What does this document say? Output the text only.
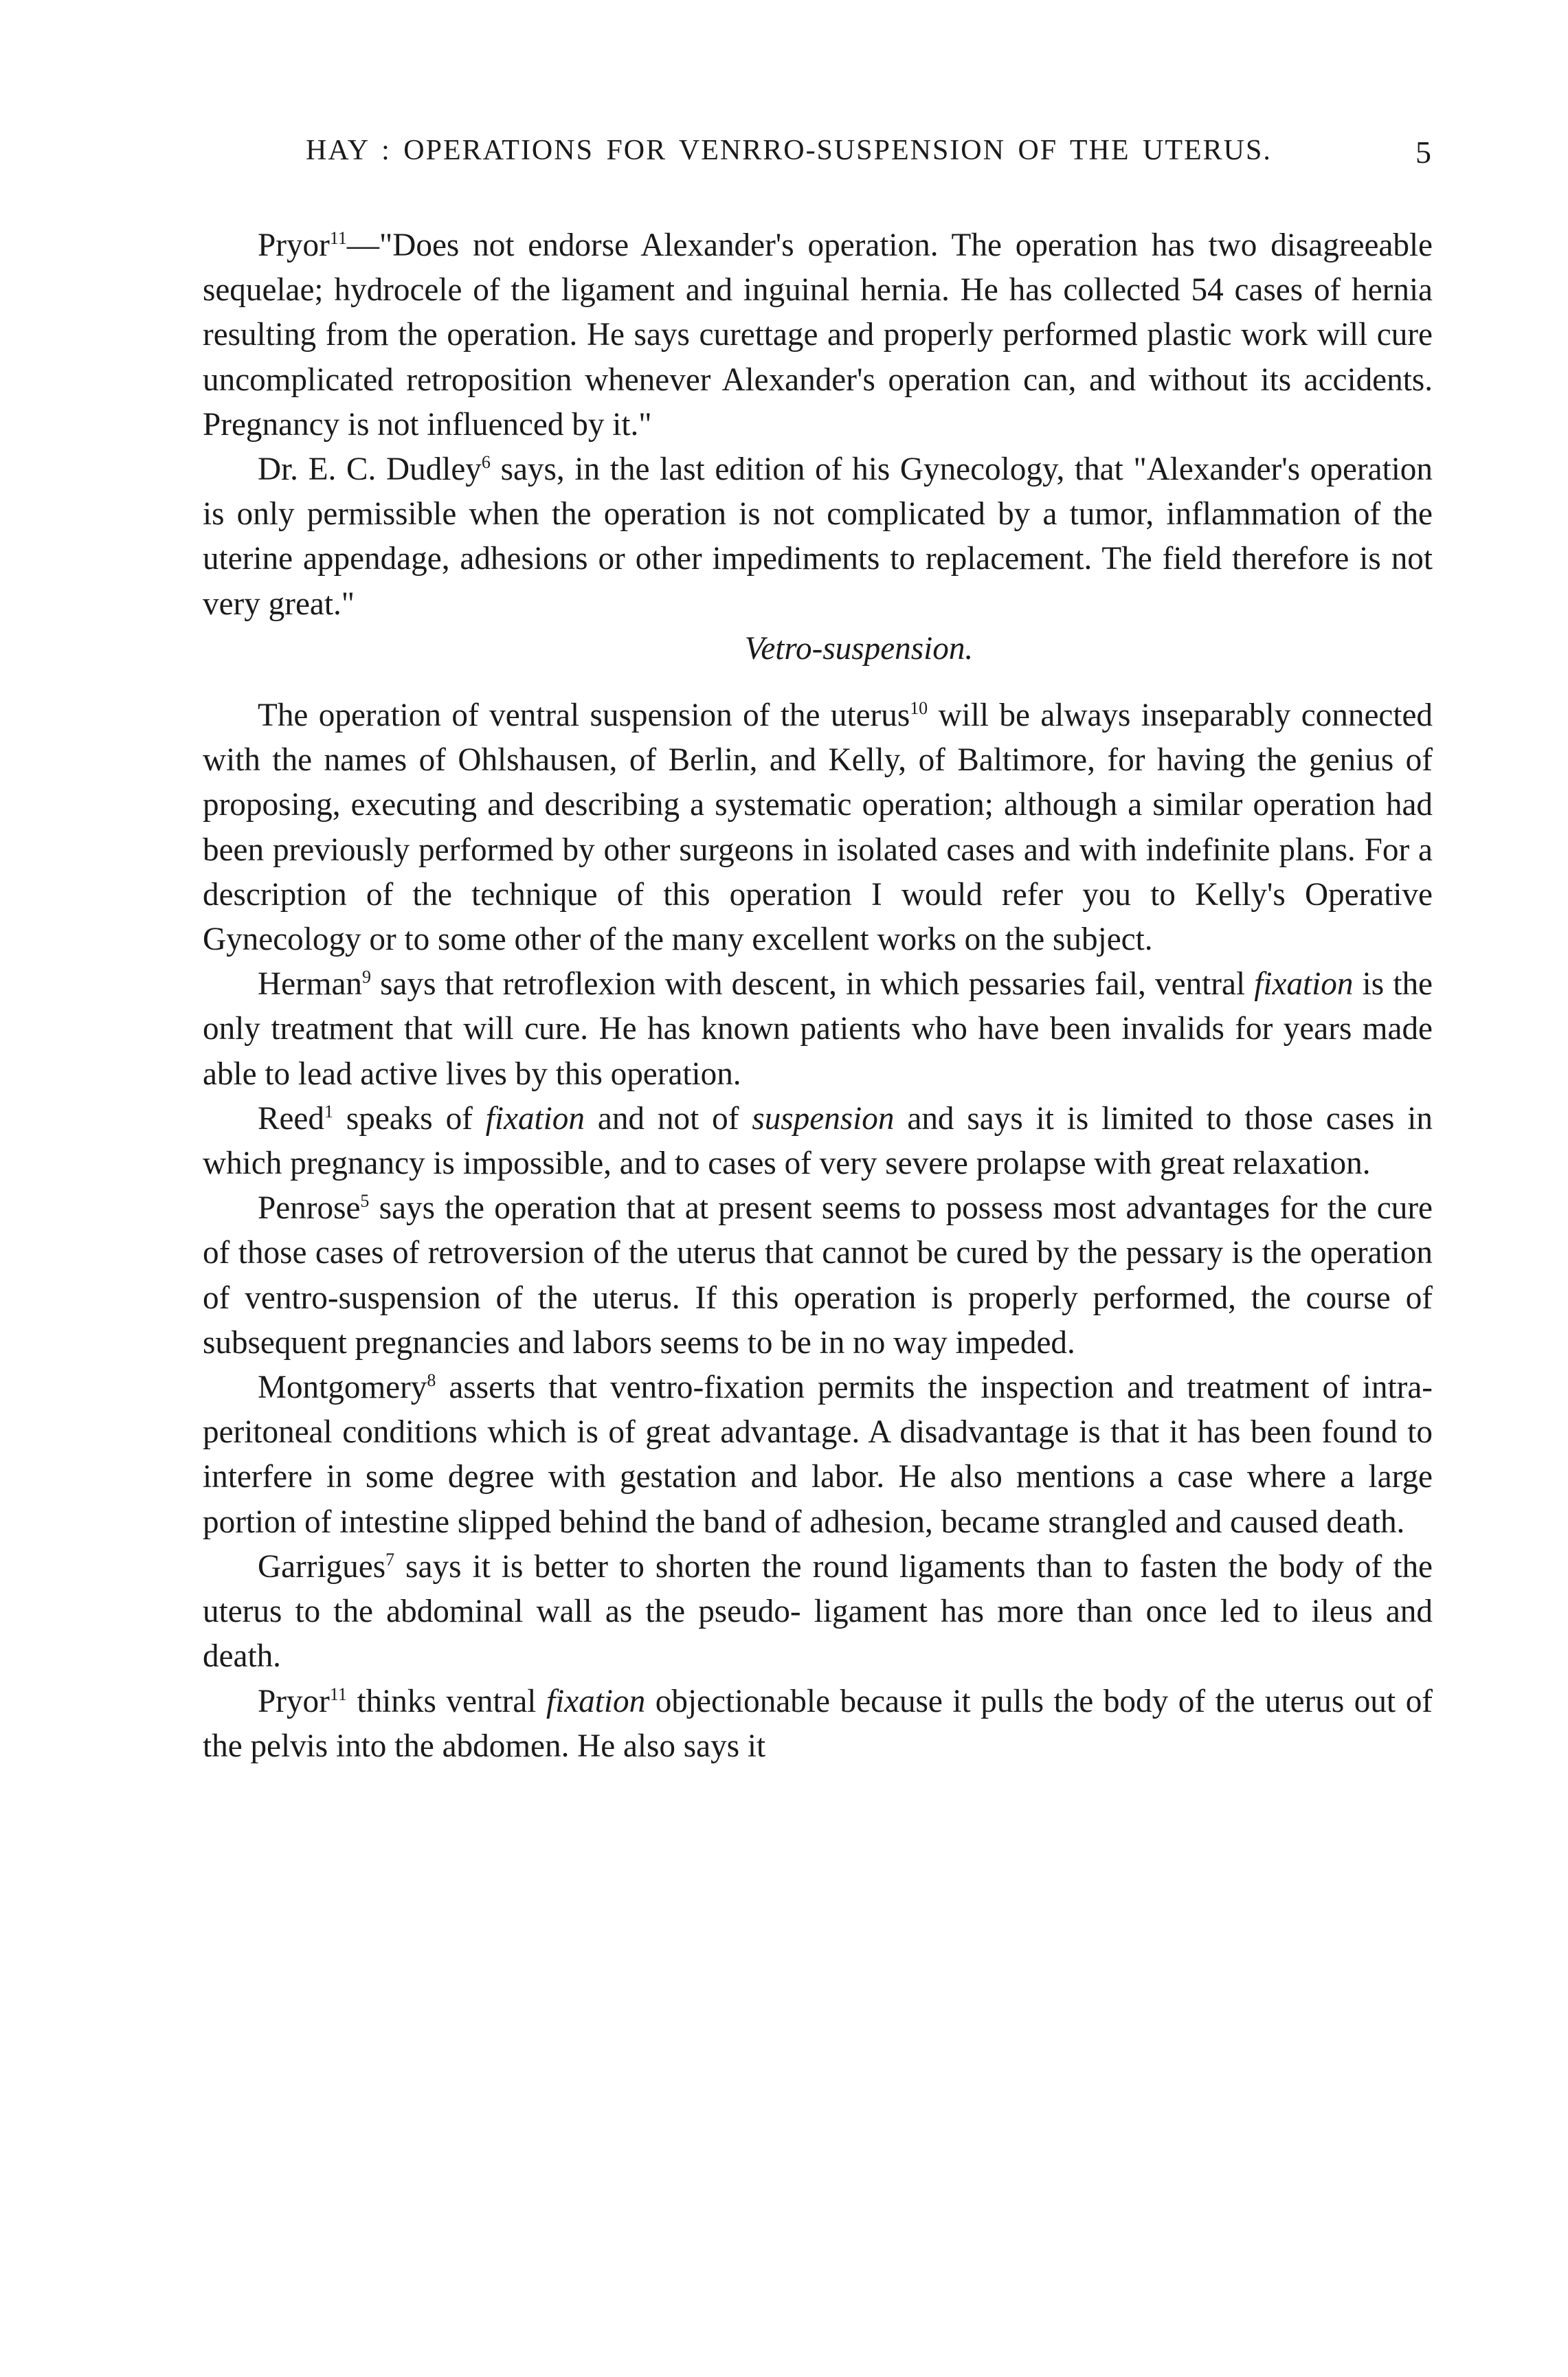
HAY : OPERATIONS FOR VENRRO-SUSPENSION OF THE UTERUS.	5

Pryor$^{11}$—"Does not endorse Alexander's operation. The operation has two disagreeable sequelae; hydrocele of the ligament and inguinal hernia. He has collected 54 cases of hernia resulting from the operation. He says curettage and properly performed plastic work will cure uncomplicated retroposition whenever Alexander's operation can, and without its accidents. Pregnancy is not influenced by it."

Dr. E. C. Dudley$^6$ says, in the last edition of his Gynecology, that "Alexander's operation is only permissible when the operation is not complicated by a tumor, inflammation of the uterine appendage, adhesions or other impediments to replacement. The field therefore is not very great."

Vetro-suspension.

The operation of ventral suspension of the uterus$^{10}$ will be always inseparably connected with the names of Ohlshausen, of Berlin, and Kelly, of Baltimore, for having the genius of proposing, executing and describing a systematic operation; although a similar operation had been previously performed by other surgeons in isolated cases and with indefinite plans. For a description of the technique of this operation I would refer you to Kelly's Operative Gynecology or to some other of the many excellent works on the subject.

Herman$^9$ says that retroflexion with descent, in which pessaries fail, ventral fixation is the only treatment that will cure. He has known patients who have been invalids for years made able to lead active lives by this operation.

Reed$^1$ speaks of fixation and not of suspension and says it is limited to those cases in which pregnancy is impossible, and to cases of very severe prolapse with great relaxation.

Penrose$^5$ says the operation that at present seems to possess most advantages for the cure of those cases of retroversion of the uterus that cannot be cured by the pessary is the operation of ventro-suspension of the uterus. If this operation is properly performed, the course of subsequent pregnancies and labors seems to be in no way impeded.

Montgomery$^8$ asserts that ventro-fixation permits the inspection and treatment of intra-peritoneal conditions which is of great advantage. A disadvantage is that it has been found to interfere in some degree with gestation and labor. He also mentions a case where a large portion of intestine slipped behind the band of adhesion, became strangled and caused death.

Garrigues$^7$ says it is better to shorten the round ligaments than to fasten the body of the uterus to the abdominal wall as the pseudo- ligament has more than once led to ileus and death.

Pryor$^{11}$ thinks ventral fixation objectionable because it pulls the body of the uterus out of the pelvis into the abdomen. He also says it
